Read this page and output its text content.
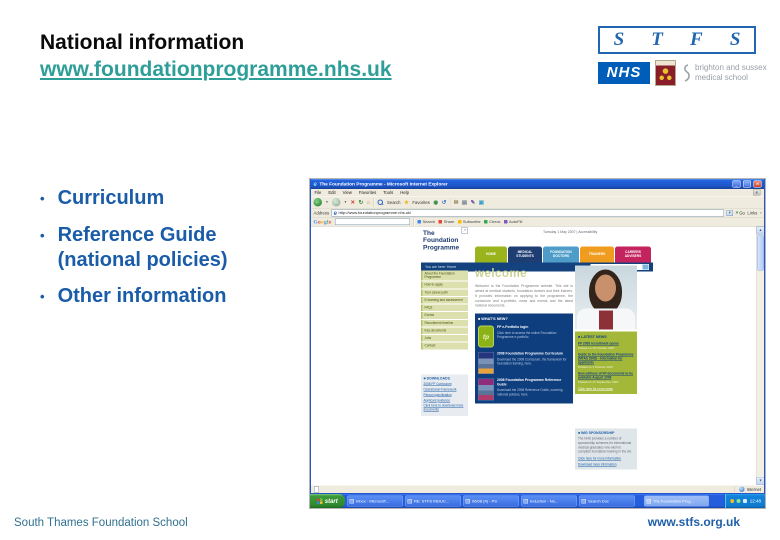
National information
www.foundationprogramme.nhs.uk
S T F S
NHS	brighton and sussex
medical school
• Curriculum
• Reference Guide (national policies)
• Other information
e The Foundation Programme - Microsoft Internet Explorer	_ □ ✕
File Edit View Favorites Tools Help	e
← ▼ → ▼ ✕ ↻ ⌂ Search ★ Favorites ◉ ↺ ✉ ▤ ✎ ▣
Address e http://www.foundationprogramme.nhs.uk/	▼ » Go Links »
Google	Search Share Subscribe Check AutoFill
The
Foundation
Programme
↗	Tuesday 1 May 2007 | Accessibility
HOME
MEDICAL STUDENTS
FOUNDATION DOCTORS
TRAINERS
CAREERS ADVISERS
You are here: Home
Search
About the Foundation Programme
How to apply
Your career path
E-learning and assessment
FAQs
Events
Recruitment timeline
Key documents
Jobs
Contact
■ DOWNLOADS
2008 FP Curriculum
Operational Framework
Person specification
Applicant guidance
Click here to download more documents
welcome
Welcome to the Foundation Programme website. This site is aimed at medical students, foundation doctors and their trainers. It provides information on applying to the programme, the curriculum and e-portfolio, news and events and the latest national documents.
■ WHAT'S NEW?
fp
FP e-Portfolio login
Click here to access the online Foundation Programme e-portfolio.
2008 Foundation Programme Curriculum
Download the 2008 Curriculum, the framework for foundation training, here.
2008 Foundation Programme Reference Guide
Download the 2008 Reference Guide, covering national policies, here.
■ LATEST NEWS
FP 2008 recruitment opens
Posted on 15 October 2007
Guide to the Foundation Programme (MTAS 2008) - information for applicants
Posted on 1 October 2007
New editions of FP documents to be available August 2008
Posted on 17 September 2007
Click here for more news
■ IMG SPONSORSHIP
The NHS provides a number of sponsorship schemes for international medical graduates who wish to complete foundation training in the UK.
Click here for more information
Download more information
▲
▼
Internet
start Inbox - Microsoft...	RE: STFS INDUC...	06/08 (4) - PS	Induction - No...	Search Doc	The Foundation Prog...	12:48
South Thames Foundation School	www.stfs.org.uk
